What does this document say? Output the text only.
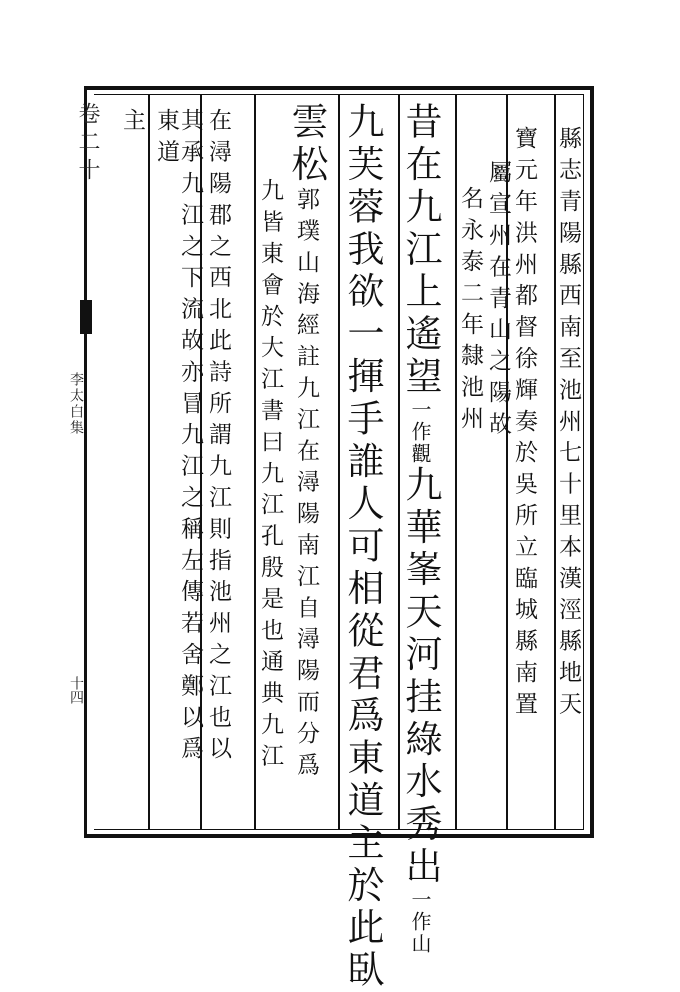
卷二十
李太白集
十四	縣志青陽縣西南至池州七十里本漢涇縣地天
寶元年洪州都督徐輝奏於吳所立臨城縣南置
屬宣州在青山之陽故
名永泰二年隸池州
昔在九江上遙望一作觀九華峯天河挂綠水秀出一作山
九芙蓉我欲一揮手誰人可相從君爲東道主於此臥
雲松郭璞山海經註九江在潯陽南江自潯陽而分爲
九皆東會於大江書曰九江孔殷是也通典九江
在潯陽郡之西北此詩所謂九江則指池州之江也以
其承九江之下流故亦冒九江之稱左傳若舍鄭以爲
東道
主
